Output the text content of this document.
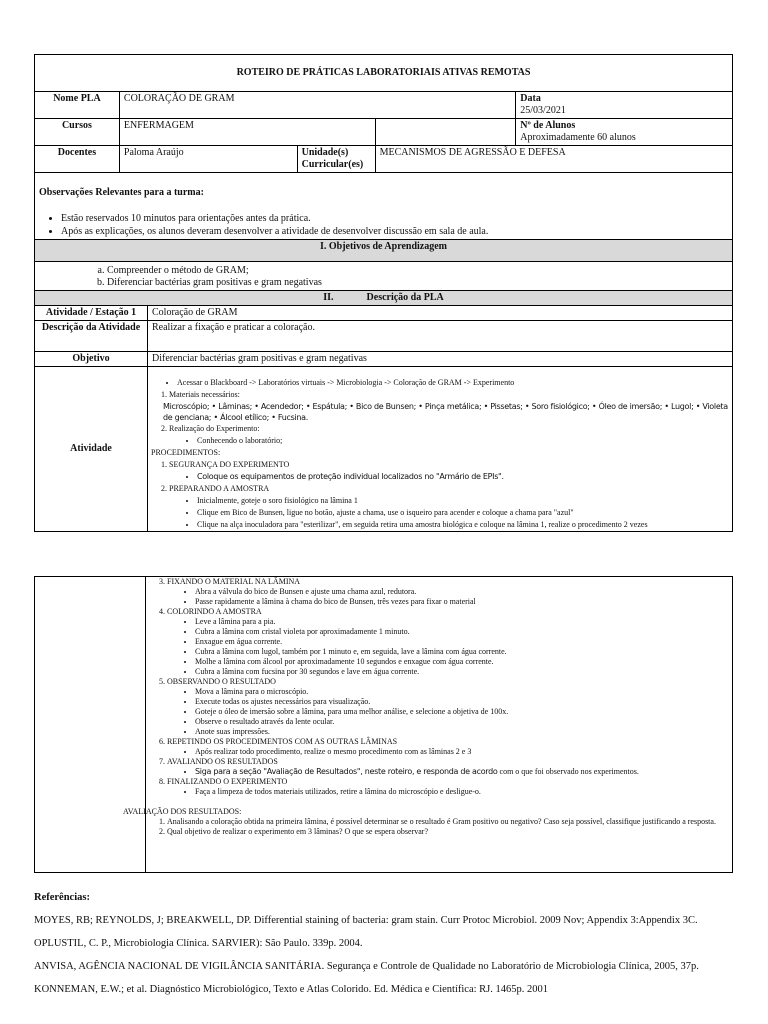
ROTEIRO DE PRÁTICAS LABORATORIAIS ATIVAS REMOTAS
Nome PLA	COLORAÇÃO DE GRAM	Data
25/03/2021

Cursos	ENFERMAGEM		Nº de Alunos
Aproximadamente 60 alunos

Docentes	Paloma Araújo	Unidade(s) Curricular(es)	MECANISMOS DE AGRESSÃO E DEFESA

Observações Relevantes para a turma:
• Estão reservados 10 minutos para orientações antes da prática.
• Após as explicações, os alunos deveram desenvolver a atividade de desenvolver discussão em sala de aula.

I. Objetivos de Aprendizagem

a. Compreender o método de GRAM;
b. Diferenciar bactérias gram positivas e gram negativas

II.	Descrição da PLA

Atividade / Estação 1	Coloração de GRAM

Descrição da Atividade	Realizar a fixação e praticar a coloração.

Objetivo	Diferenciar bactérias gram positivas e gram negativas

Atividade	
• Acessar o Blackboard -> Laboratórios virtuais -> Microbiologia -> Coloração de GRAM -> Experimento
1. Materiais necessários:
Microscópio; • Lâminas; • Acendedor; • Espátula; • Bico de Bunsen; • Pinça metálica; • Pissetas; • Soro fisiológico; • Óleo de imersão; • Lugol; • Violeta de genciana; • Álcool etílico; • Fucsina.
2. Realização do Experimento:
• Conhecendo o laboratório;
PROCEDIMENTOS:
1. SEGURANÇA DO EXPERIMENTO
• Coloque os equipamentos de proteção individual localizados no "Armário de EPIs".
2. PREPARANDO A AMOSTRA
• Inicialmente, goteje o soro fisiológico na lâmina 1
• Clique em Bico de Bunsen, ligue no botão, ajuste a chama, use o isqueiro para acender e coloque a chama para "azul"
• Clique na alça inoculadora para "esterilizar", em seguida retira uma amostra biológica e coloque na lâmina 1, realize o procedimento 2 vezes

3. FIXANDO O MATERIAL NA LÂMINA
• Abra a válvula do bico de Bunsen e ajuste uma chama azul, redutora.
• Passe rapidamente a lâmina à chama do bico de Bunsen, três vezes para fixar o material
4. COLORINDO A AMOSTRA
• Leve a lâmina para a pia.
• Cubra a lâmina com cristal violeta por aproximadamente 1 minuto.
• Enxague em água corrente.
• Cubra a lâmina com lugol, também por 1 minuto e, em seguida, lave a lâmina com água corrente.
• Molhe a lâmina com álcool por aproximadamente 10 segundos e enxague com água corrente.
• Cubra a lâmina com fucsina por 30 segundos e lave em água corrente.
5. OBSERVANDO O RESULTADO
• Mova a lâmina para o microscópio.
• Execute todas os ajustes necessários para visualização.
• Goteje o óleo de imersão sobre a lâmina, para uma melhor análise, e selecione a objetiva de 100x.
• Observe o resultado através da lente ocular.
• Anote suas impressões.
6. REPETINDO OS PROCEDIMENTOS COM AS OUTRAS LÂMINAS
• Após realizar todo procedimento, realize o mesmo procedimento com as lâminas 2 e 3
7. AVALIANDO OS RESULTADOS
• Siga para a seção "Avaliação de Resultados", neste roteiro, e responda de acordo com o que foi observado nos experimentos.
8. FINALIZANDO O EXPERIMENTO
• Faça a limpeza de todos materiais utilizados, retire a lâmina do microscópio e desligue-o.
AVALIAÇÃO DOS RESULTADOS:
1. Analisando a coloração obtida na primeira lâmina, é possível determinar se o resultado é Gram positivo ou negativo? Caso seja possível, classifique justificando a resposta.
2. Qual objetivo de realizar o experimento em 3 lâminas? O que se espera observar?

Referências:

MOYES, RB; REYNOLDS, J; BREAKWELL, DP. Differential staining of bacteria: gram stain. Curr Protoc Microbiol. 2009 Nov; Appendix 3:Appendix 3C.

OPLUSTIL, C. P., Microbiologia Clínica. SARVIER): São Paulo. 339p. 2004.

ANVISA, AGÊNCIA NACIONAL DE VIGILÂNCIA SANITÁRIA. Segurança e Controle de Qualidade no Laboratório de Microbiologia Clínica, 2005, 37p.

KONNEMAN, E.W.; et al. Diagnóstico Microbiológico, Texto e Atlas Colorido. Ed. Médica e Científica: RJ. 1465p. 2001
